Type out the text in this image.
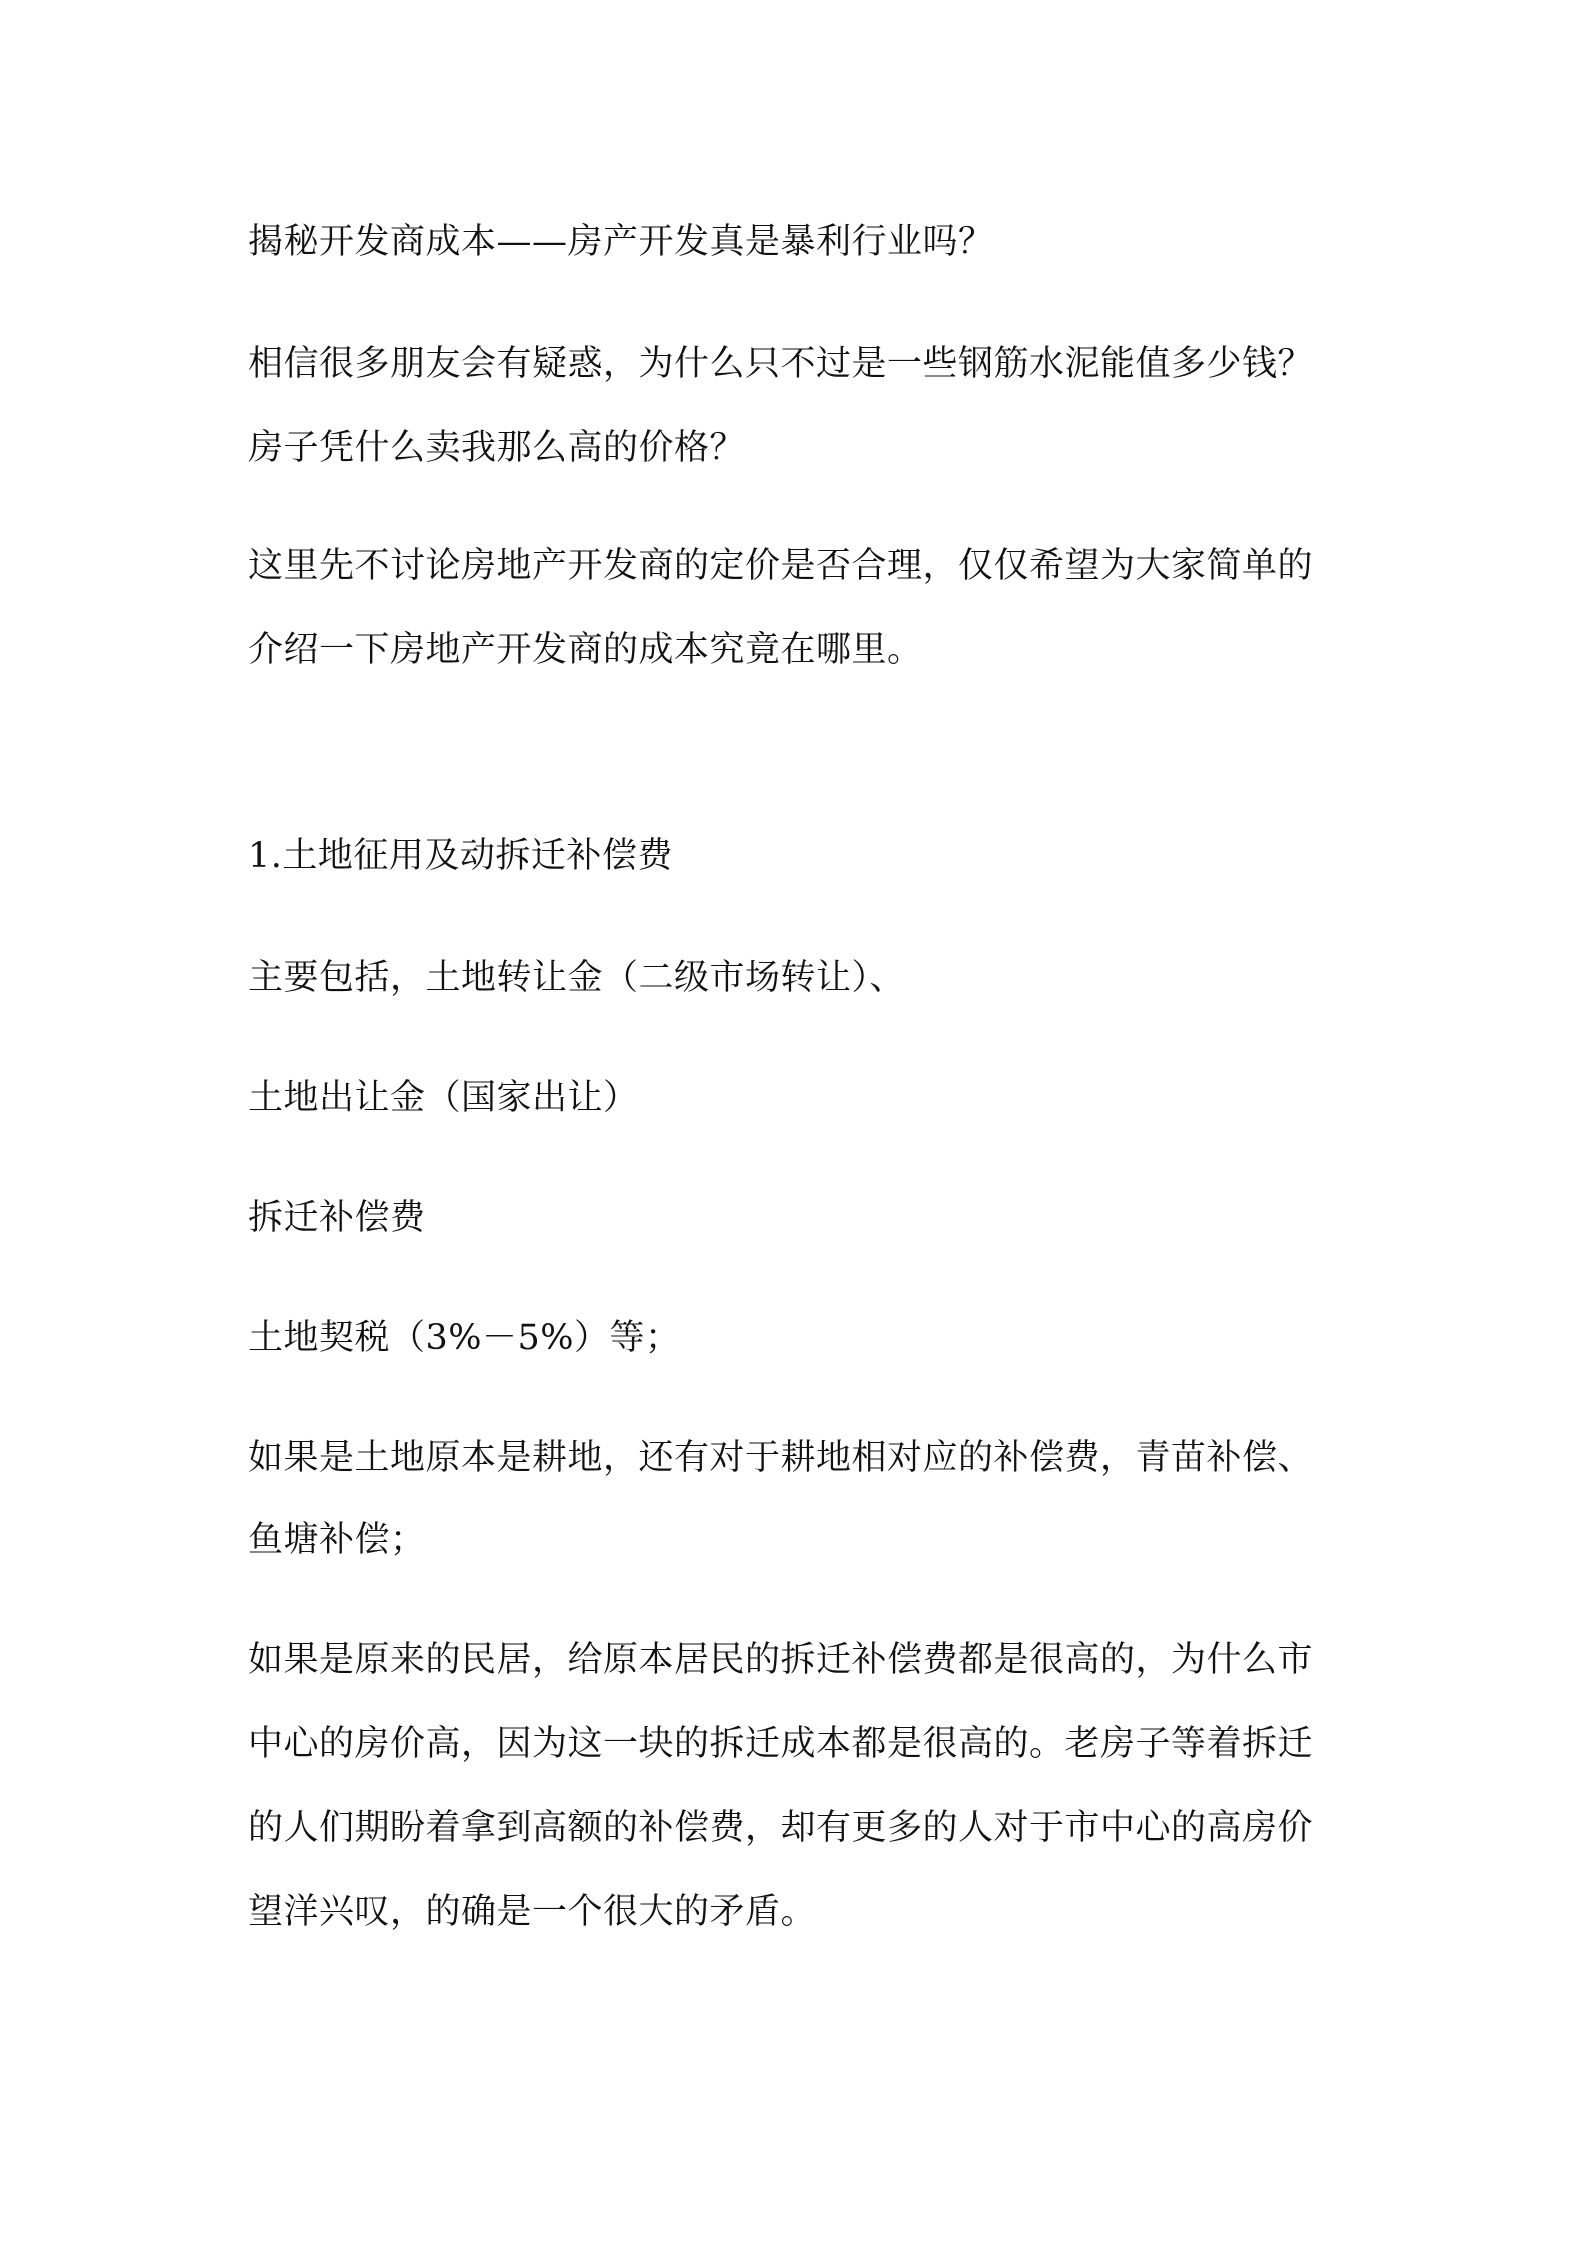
揭秘开发商成本——房产开发真是暴利行业吗？

相信很多朋友会有疑惑，为什么只不过是一些钢筋水泥能值多少钱？

房子凭什么卖我那么高的价格？

这里先不讨论房地产开发商的定价是否合理，仅仅希望为大家简单的

介绍一下房地产开发商的成本究竟在哪里。

1.土地征用及动拆迁补偿费

主要包括，土地转让金（二级市场转让）、

土地出让金（国家出让）

拆迁补偿费

土地契税（3%－5%）等；

如果是土地原本是耕地，还有对于耕地相对应的补偿费，青苗补偿、

鱼塘补偿；

如果是原来的民居，给原本居民的拆迁补偿费都是很高的，为什么市

中心的房价高，因为这一块的拆迁成本都是很高的。老房子等着拆迁

的人们期盼着拿到高额的补偿费，却有更多的人对于市中心的高房价

望洋兴叹，的确是一个很大的矛盾。
